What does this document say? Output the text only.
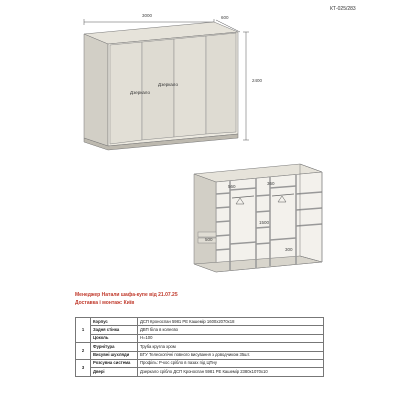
КТ-025/283
3000	600
2400
Дзеркало
Дзеркало
560
360
500
1500
300
Менеджер Натали шафа-купе від 21.07.25
Доставка і монтаж: Київ
1	Корпус	ДСП Кроноспан 5981 PE Кашемір 1600х2070х18
	Задня стінка	ДВП біла в колеєво
	Цоколь	Н=100
2	Фурнітура	Труба кругла хром
	Висувні шухляди	БТУ Телескопічні повного висування з доводчиком 35шт.
3	Розсувна система	Профіль: Р-кос срібло в пазах під ЦПну
	Двері	Дзеркало срібло ДСП Кроноспан 5981 PE Кашемір 2380х1070х10
